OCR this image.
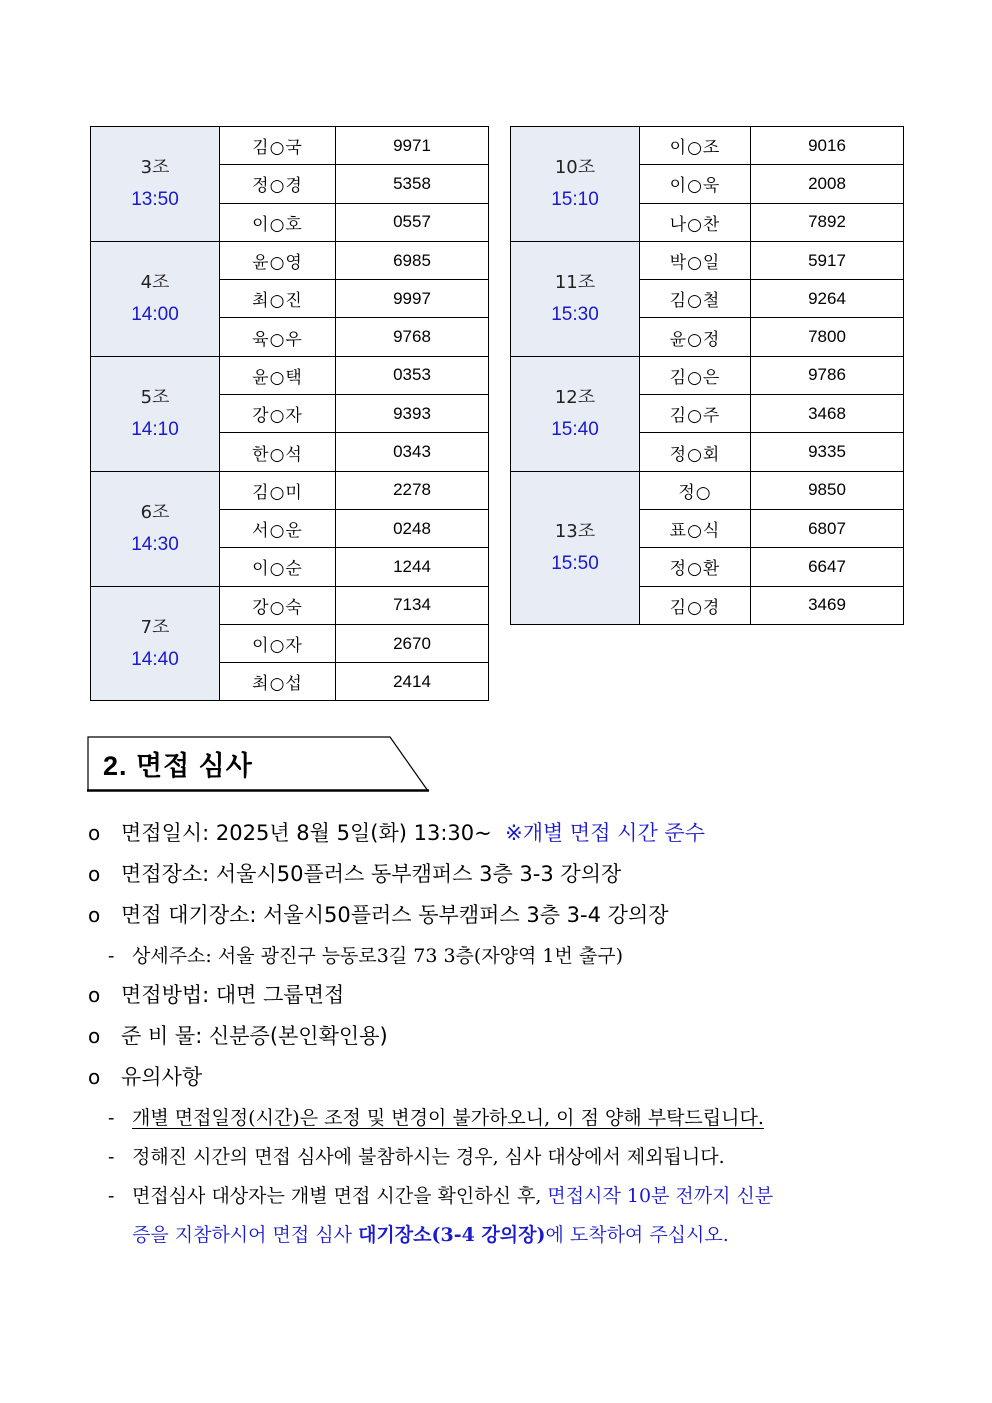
3조
13:50	김○국	9971
	정○경	5358
	이○호	0557

4조
14:00	윤○영	6985
	최○진	9997
	육○우	9768

5조
14:10	윤○택	0353
	강○자	9393
	한○석	0343

6조
14:30	김○미	2278
	서○운	0248
	이○순	1244

7조
14:40	강○숙	7134
	이○자	2670
	최○섭	2414
10조
15:10	이○조	9016
	이○욱	2008
	나○찬	7892

11조
15:30	박○일	5917
	김○철	9264
	윤○정	7800

12조
15:40	김○은	9786
	김○주	3468
	정○회	9335

13조
15:50	정○	9850
	표○식	6807
	정○환	6647
	김○경	3469
2. 면접 심사
o 면접일시: 2025년 8월 5일(화) 13:30~ ※개별 면접 시간 준수
o 면접장소: 서울시50플러스 동부캠퍼스 3층 3-3 강의장
o 면접 대기장소: 서울시50플러스 동부캠퍼스 3층 3-4 강의장
- 상세주소: 서울 광진구 능동로3길 73 3층(자양역 1번 출구)
o 면접방법: 대면 그룹면접
o 준 비 물: 신분증(본인확인용)
o 유의사항
- 개별 면접일정(시간)은 조정 및 변경이 불가하오니, 이 점 양해 부탁드립니다.
- 정해진 시간의 면접 심사에 불참하시는 경우, 심사 대상에서 제외됩니다.
- 면접심사 대상자는 개별 면접 시간을 확인하신 후, 면접시작 10분 전까지 신분
증을 지참하시어 면접 심사 대기장소(3-4 강의장)에 도착하여 주십시오.
